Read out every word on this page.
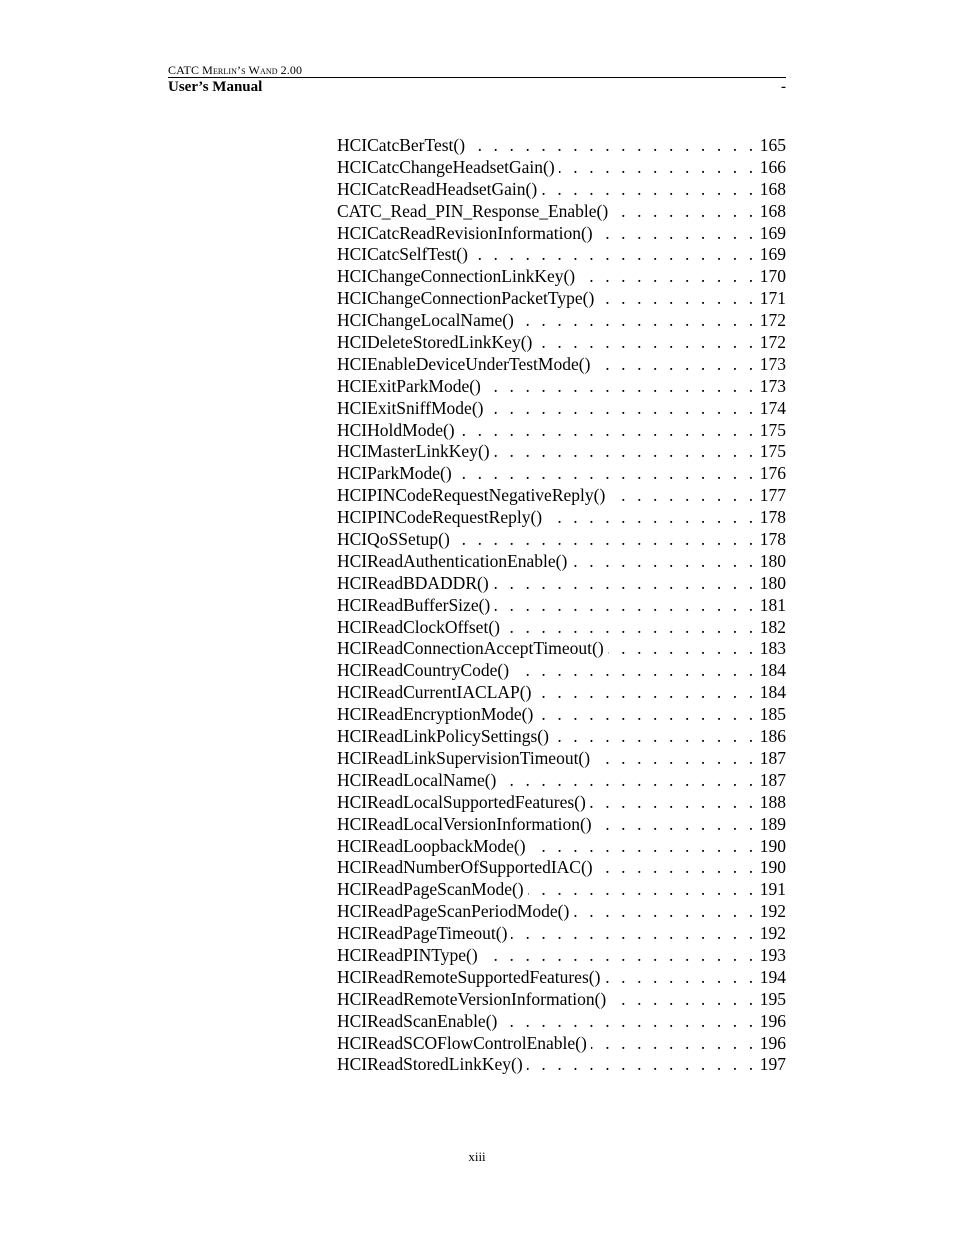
CATC Merlin’s Wand 2.00
User’s Manual	-
HCICatcBerTest() . . .	165
HCICatcChangeHeadsetGain() . . .	166
HCICatcReadHeadsetGain() . . .	168
CATC_Read_PIN_Response_Enable() . . .	168
HCICatcReadRevisionInformation() . . .	169
HCICatcSelfTest() . . .	169
HCIChangeConnectionLinkKey() . . .	170
HCIChangeConnectionPacketType() . . .	171
HCIChangeLocalName() . . .	172
HCIDeleteStoredLinkKey() . . .	172
HCIEnableDeviceUnderTestMode() . . .	173
HCIExitParkMode() . . .	173
HCIExitSniffMode() . . .	174
HCIHoldMode() . . .	175
HCIMasterLinkKey() . . .	175
HCIParkMode() . . .	176
HCIPINCodeRequestNegativeReply() . . .	177
HCIPINCodeRequestReply() . . .	178
HCIQoSSetup() . . .	178
HCIReadAuthenticationEnable() . . .	180
HCIReadBDADDR() . . .	180
HCIReadBufferSize() . . .	181
HCIReadClockOffset() . . .	182
HCIReadConnectionAcceptTimeout() . . .	183
HCIReadCountryCode() . . .	184
HCIReadCurrentIACLAP() . . .	184
HCIReadEncryptionMode() . . .	185
HCIReadLinkPolicySettings() . . .	186
HCIReadLinkSupervisionTimeout() . . .	187
HCIReadLocalName() . . .	187
HCIReadLocalSupportedFeatures() . . .	188
HCIReadLocalVersionInformation() . . .	189
HCIReadLoopbackMode() . . .	190
HCIReadNumberOfSupportedIAC() . . .	190
HCIReadPageScanMode() . . .	191
HCIReadPageScanPeriodMode() . . .	192
HCIReadPageTimeout() . . .	192
HCIReadPINType() . . .	193
HCIReadRemoteSupportedFeatures() . . .	194
HCIReadRemoteVersionInformation() . . .	195
HCIReadScanEnable() . . .	196
HCIReadSCOFlowControlEnable() . . .	196
HCIReadStoredLinkKey() . . .	197
xiii
